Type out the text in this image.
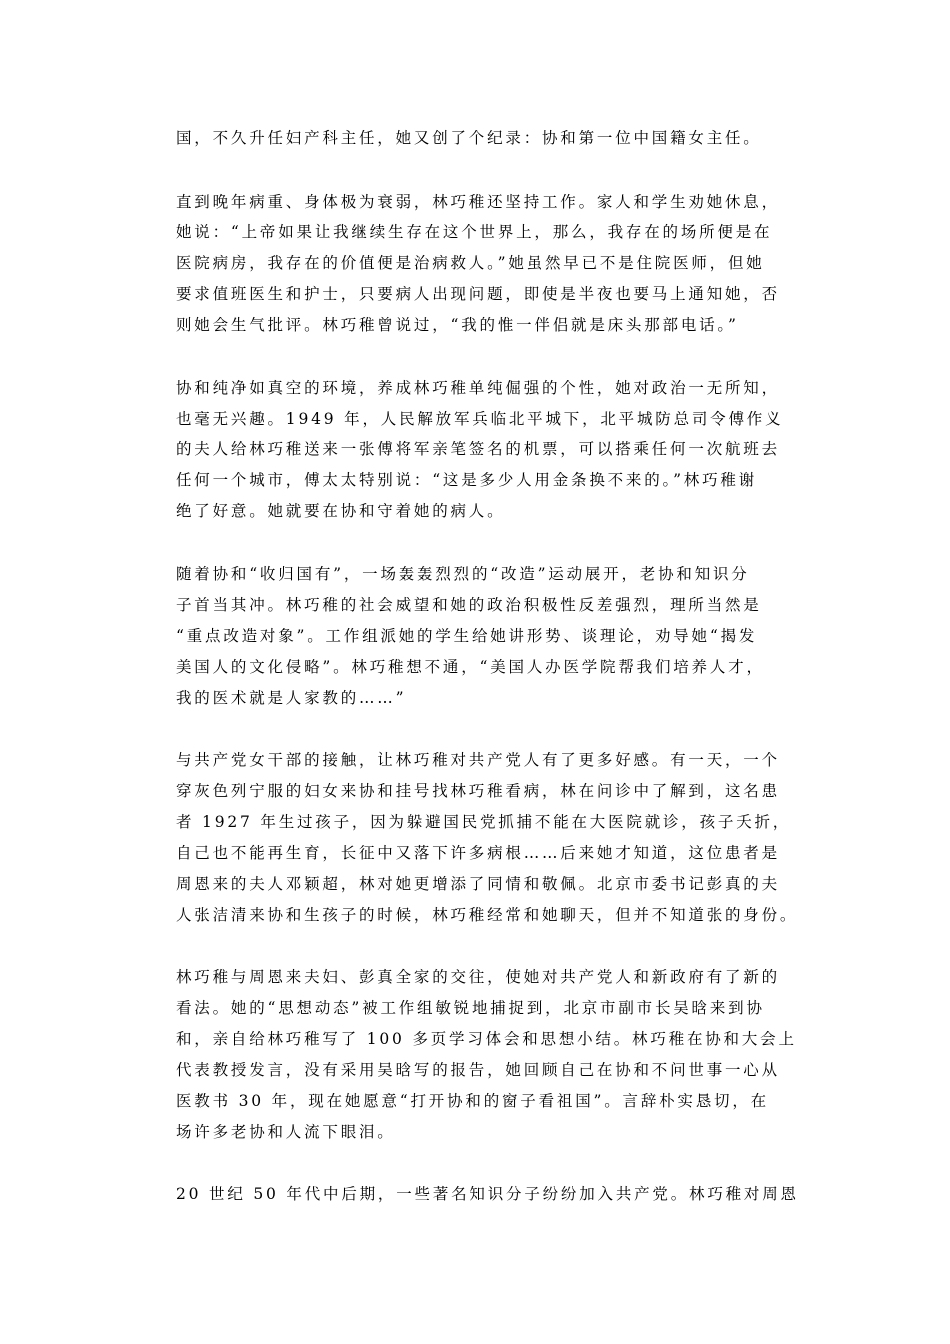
国，不久升任妇产科主任，她又创了个纪录：协和第一位中国籍女主任。
直到晚年病重、身体极为衰弱，林巧稚还坚持工作。家人和学生劝她休息，
她说：“上帝如果让我继续生存在这个世界上，那么，我存在的场所便是在
医院病房，我存在的价值便是治病救人。”她虽然早已不是住院医师，但她
要求值班医生和护士，只要病人出现问题，即使是半夜也要马上通知她，否
则她会生气批评。林巧稚曾说过，“我的惟一伴侣就是床头那部电话。”
协和纯净如真空的环境，养成林巧稚单纯倔强的个性，她对政治一无所知，
也毫无兴趣。1949 年，人民解放军兵临北平城下，北平城防总司令傅作义
的夫人给林巧稚送来一张傅将军亲笔签名的机票，可以搭乘任何一次航班去
任何一个城市，傅太太特别说：“这是多少人用金条换不来的。”林巧稚谢
绝了好意。她就要在协和守着她的病人。
随着协和“收归国有”，一场轰轰烈烈的“改造”运动展开，老协和知识分
子首当其冲。林巧稚的社会威望和她的政治积极性反差强烈，理所当然是
“重点改造对象”。工作组派她的学生给她讲形势、谈理论，劝导她“揭发
美国人的文化侵略”。林巧稚想不通，“美国人办医学院帮我们培养人才，
我的医术就是人家教的……”
与共产党女干部的接触，让林巧稚对共产党人有了更多好感。有一天，一个
穿灰色列宁服的妇女来协和挂号找林巧稚看病，林在问诊中了解到，这名患
者 1927 年生过孩子，因为躲避国民党抓捕不能在大医院就诊，孩子夭折，
自己也不能再生育，长征中又落下许多病根……后来她才知道，这位患者是
周恩来的夫人邓颖超，林对她更增添了同情和敬佩。北京市委书记彭真的夫
人张洁清来协和生孩子的时候，林巧稚经常和她聊天，但并不知道张的身份。
林巧稚与周恩来夫妇、彭真全家的交往，使她对共产党人和新政府有了新的
看法。她的“思想动态”被工作组敏锐地捕捉到，北京市副市长吴晗来到协
和，亲自给林巧稚写了 100 多页学习体会和思想小结。林巧稚在协和大会上
代表教授发言，没有采用吴晗写的报告，她回顾自己在协和不问世事一心从
医教书 30 年，现在她愿意“打开协和的窗子看祖国”。言辞朴实恳切，在
场许多老协和人流下眼泪。
20 世纪 50 年代中后期，一些著名知识分子纷纷加入共产党。林巧稚对周恩
